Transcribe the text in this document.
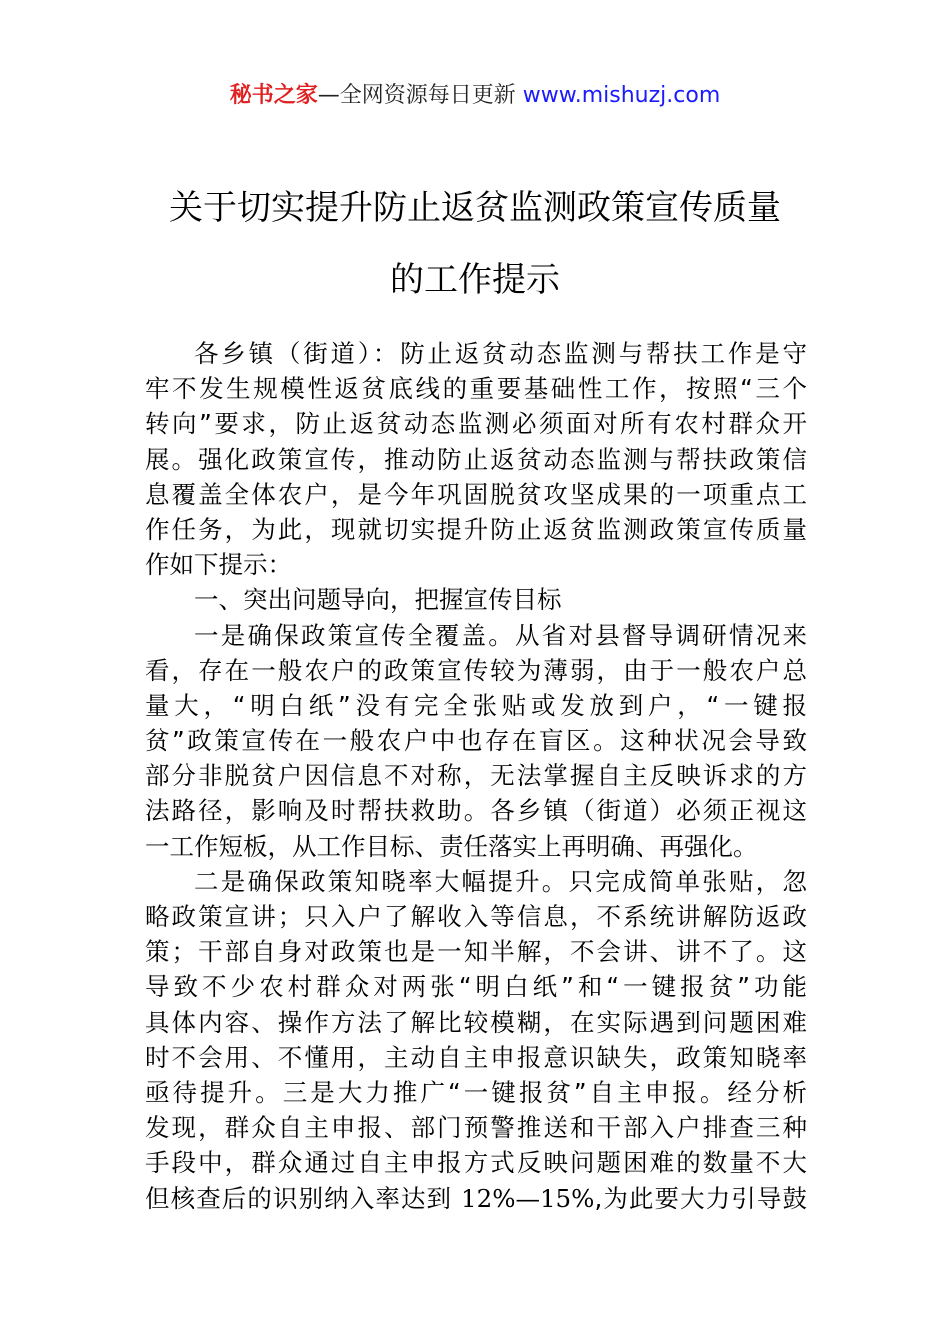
秘书之家—全网资源每日更新 www.mishuzj.com
关于切实提升防止返贫监测政策宣传质量
的工作提示
各乡镇（街道）：防止返贫动态监测与帮扶工作是守
牢不发生规模性返贫底线的重要基础性工作，按照“三个
转向”要求，防止返贫动态监测必须面对所有农村群众开
展。强化政策宣传，推动防止返贫动态监测与帮扶政策信
息覆盖全体农户，是今年巩固脱贫攻坚成果的一项重点工
作任务，为此，现就切实提升防止返贫监测政策宣传质量
作如下提示：
一、突出问题导向，把握宣传目标
一是确保政策宣传全覆盖。从省对县督导调研情况来
看，存在一般农户的政策宣传较为薄弱，由于一般农户总
量大，“明白纸”没有完全张贴或发放到户，“一键报
贫”政策宣传在一般农户中也存在盲区。这种状况会导致
部分非脱贫户因信息不对称，无法掌握自主反映诉求的方
法路径，影响及时帮扶救助。各乡镇（街道）必须正视这
一工作短板，从工作目标、责任落实上再明确、再强化。
二是确保政策知晓率大幅提升。只完成简单张贴，忽
略政策宣讲；只入户了解收入等信息，不系统讲解防返政
策；干部自身对政策也是一知半解，不会讲、讲不了。这
导致不少农村群众对两张“明白纸”和“一键报贫”功能
具体内容、操作方法了解比较模糊，在实际遇到问题困难
时不会用、不懂用，主动自主申报意识缺失，政策知晓率
亟待提升。三是大力推广“一键报贫”自主申报。经分析
发现，群众自主申报、部门预警推送和干部入户排查三种
手段中，群众通过自主申报方式反映问题困难的数量不大
但核查后的识别纳入率达到 12%—15%,为此要大力引导鼓
